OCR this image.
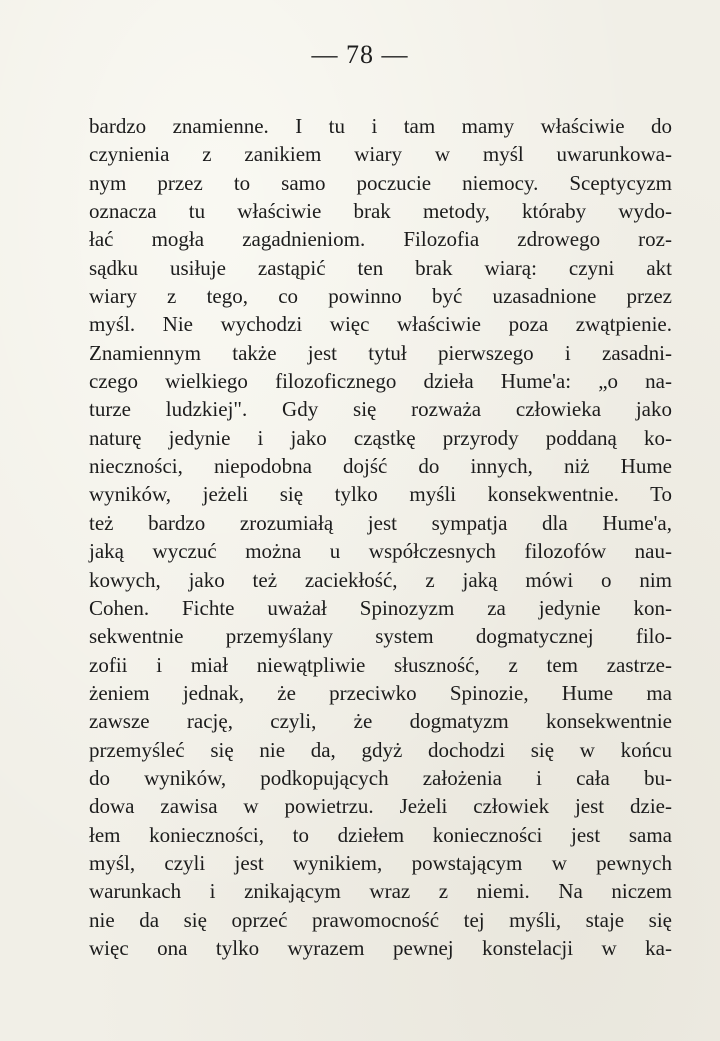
— 78 —
bardzo znamienne. I tu i tam mamy właściwie do
czynienia z zanikiem wiary w myśl uwarunkowa-
nym przez to samo poczucie niemocy. Sceptycyzm
oznacza tu właściwie brak metody, któraby wydo-
łać mogła zagadnieniom. Filozofia zdrowego roz-
sądku usiłuje zastąpić ten brak wiarą: czyni akt
wiary z tego, co powinno być uzasadnione przez
myśl. Nie wychodzi więc właściwie poza zwątpienie.
Znamiennym także jest tytuł pierwszego i zasadni-
czego wielkiego filozoficznego dzieła Hume'a: „o na-
turze ludzkiej". Gdy się rozważa człowieka jako
naturę jedynie i jako cząstkę przyrody poddaną ko-
nieczności, niepodobna dojść do innych, niż Hume
wyników, jeżeli się tylko myśli konsekwentnie. To
też bardzo zrozumiałą jest sympatja dla Hume'a,
jaką wyczuć można u współczesnych filozofów nau-
kowych, jako też zaciekłość, z jaką mówi o nim
Cohen. Fichte uważał Spinozyzm za jedynie kon-
sekwentnie przemyślany system dogmatycznej filo-
zofii i miał niewątpliwie słuszność, z tem zastrze-
żeniem jednak, że przeciwko Spinozie, Hume ma
zawsze rację, czyli, że dogmatyzm konsekwentnie
przemyśleć się nie da, gdyż dochodzi się w końcu
do wyników, podkopujących założenia i cała bu-
dowa zawisa w powietrzu. Jeżeli człowiek jest dzie-
łem konieczności, to dziełem konieczności jest sama
myśl, czyli jest wynikiem, powstającym w pewnych
warunkach i znikającym wraz z niemi. Na niczem
nie da się oprzeć prawomocność tej myśli, staje się
więc ona tylko wyrazem pewnej konstelacji w ka-
